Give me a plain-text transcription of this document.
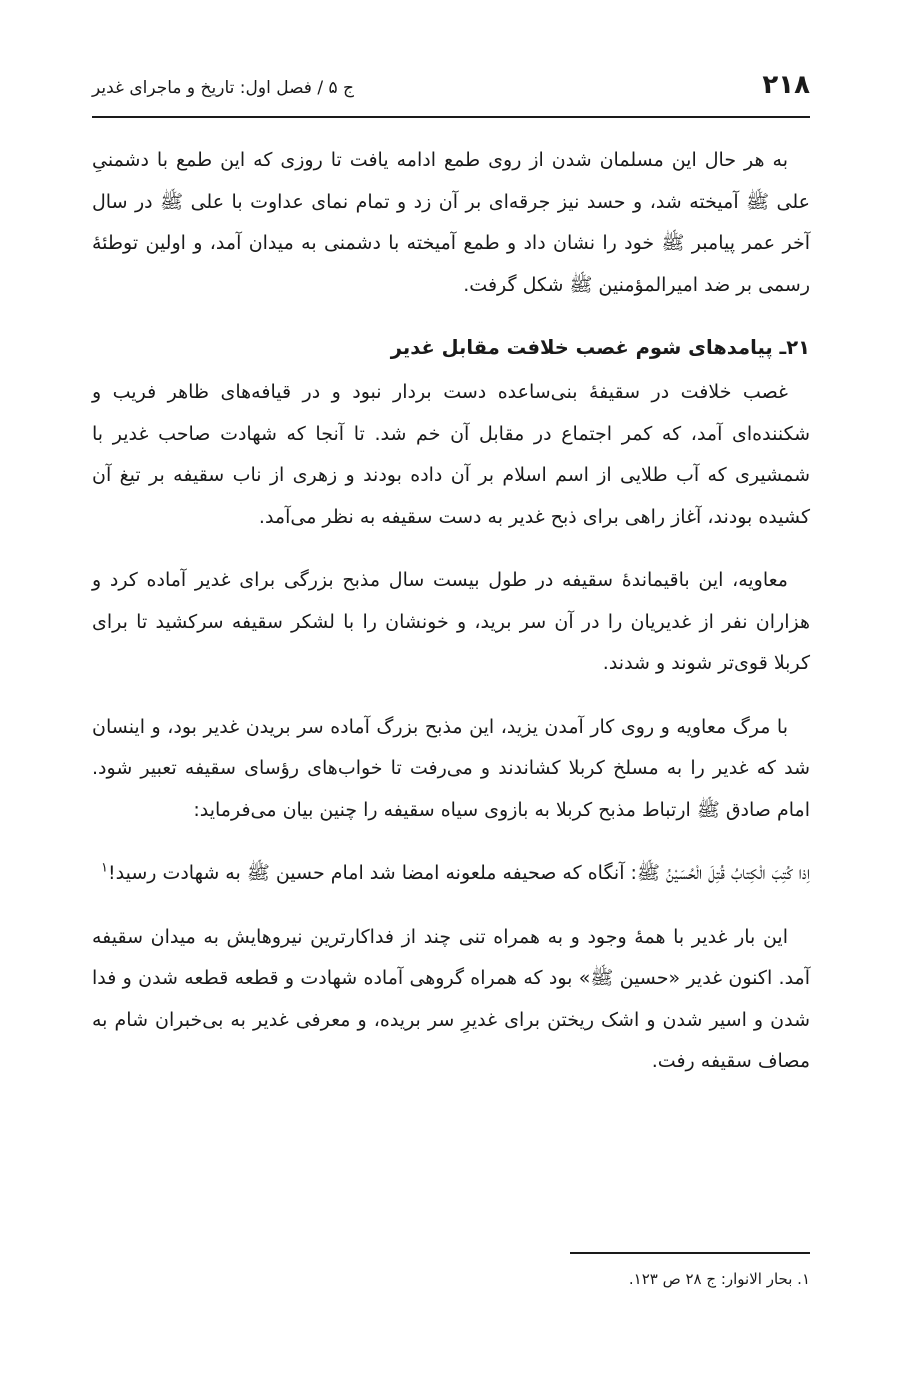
۲۱۸
ج ۵ / فصل اول: تاریخ و ماجرای غدیر

به هر حال این مسلمان شدن از روی طمع ادامه یافت تا روزی که این طمع با دشمنیِ علی ﷺ آمیخته شد، و حسد نیز جرقه‌ای بر آن زد و تمام نمای عداوت با علی ﷺ در سال آخر عمر پیامبر ﷺ خود را نشان داد و طمع آمیخته با دشمنی به میدان آمد، و اولین توطئهٔ رسمی بر ضد امیرالمؤمنین ﷺ شکل گرفت.

۲۱ـ پیامدهای شوم غصب خلافت مقابل غدیر

غصب خلافت در سقیفهٔ بنی‌ساعده دست بردار نبود و در قیافه‌های ظاهر فریب و شکننده‌ای آمد، که کمر اجتماع در مقابل آن خم شد. تا آنجا که شهادت صاحب غدیر با شمشیری که آب طلایی از اسم اسلام بر آن داده بودند و زهری از ناب سقیفه بر تیغ آن کشیده بودند، آغاز راهی برای ذبح غدیر به دست سقیفه به نظر می‌آمد.

معاویه، این باقیماندهٔ سقیفه در طول بیست سال مذبح بزرگی برای غدیر آماده کرد و هزاران نفر از غدیریان را در آن سر برید، و خونشان را با لشکر سقیفه سرکشید تا برای کربلا قوی‌تر شوند و شدند.

با مرگ معاویه و روی کار آمدن یزید، این مذبح بزرگ آماده سر بریدن غدیر بود، و اینسان شد که غدیر را به مسلخ کربلا کشاندند و می‌رفت تا خواب‌های رؤسای سقیفه تعبیر شود. امام صادق ﷺ ارتباط مذبح کربلا به بازوی سیاه سقیفه را چنین بیان می‌فرماید:

اِذا کُتِبَ الْکِتابُ قُتِلَ الْحُسَیْنُ ﷺ: آنگاه که صحیفه ملعونه امضا شد امام حسین ﷺ به شهادت رسید!$^۱$

این بار غدیر با همهٔ وجود و به همراه تنی چند از فداکارترین نیروهایش به میدان سقیفه آمد. اکنون غدیر «حسین ﷺ» بود که همراه گروهی آماده شهادت و قطعه قطعه شدن و فدا شدن و اسیر شدن و اشک ریختن برای غدیرِ سر بریده، و معرفی غدیر به بی‌خبران شام به مصاف سقیفه رفت.

۱. بحار الانوار: ج ۲۸ ص ۱۲۳.
